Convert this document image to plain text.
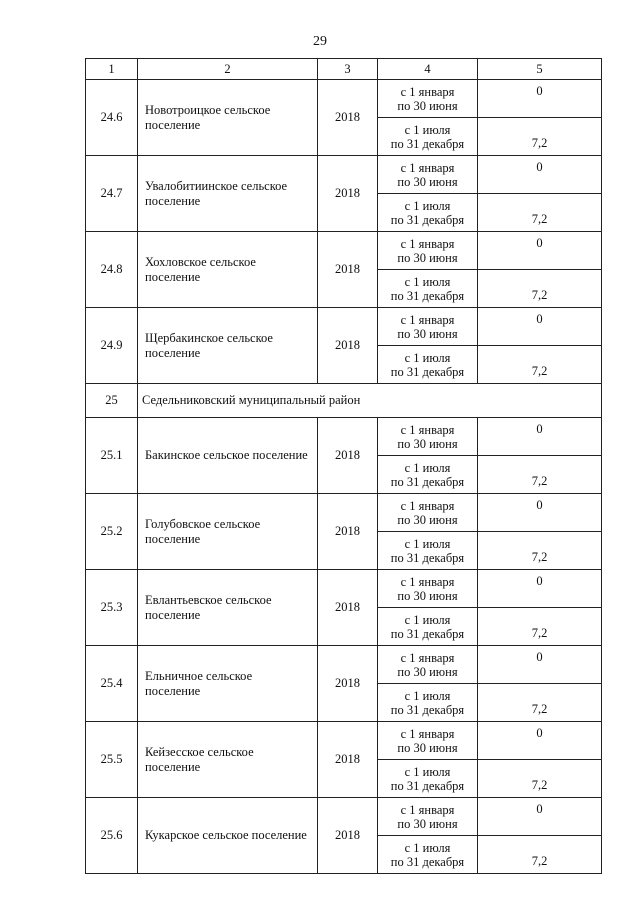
29
1	2	3	4	5
24.6	Новотроицкое сельское поселение	2018	с 1 января
по 30 июня	0
			с 1 июля
по 31 декабря	7,2
24.7	Увалобитиинское сельское поселение	2018	с 1 января
по 30 июня	0
			с 1 июля
по 31 декабря	7,2
24.8	Хохловское сельское поселение	2018	с 1 января
по 30 июня	0
			с 1 июля
по 31 декабря	7,2
24.9	Щербакинское сельское поселение	2018	с 1 января
по 30 июня	0
			с 1 июля
по 31 декабря	7,2
25	Седельниковский муниципальный район			
25.1	Бакинское сельское поселение	2018	с 1 января
по 30 июня	0
			с 1 июля
по 31 декабря	7,2
25.2	Голубовское сельское поселение	2018	с 1 января
по 30 июня	0
			с 1 июля
по 31 декабря	7,2
25.3	Евлантьевское сельское поселение	2018	с 1 января
по 30 июня	0
			с 1 июля
по 31 декабря	7,2
25.4	Ельничное сельское поселение	2018	с 1 января
по 30 июня	0
			с 1 июля
по 31 декабря	7,2
25.5	Кейзесское сельское поселение	2018	с 1 января
по 30 июня	0
			с 1 июля
по 31 декабря	7,2
25.6	Кукарское сельское поселение	2018	с 1 января
по 30 июня	0
			с 1 июля
по 31 декабря	7,2
